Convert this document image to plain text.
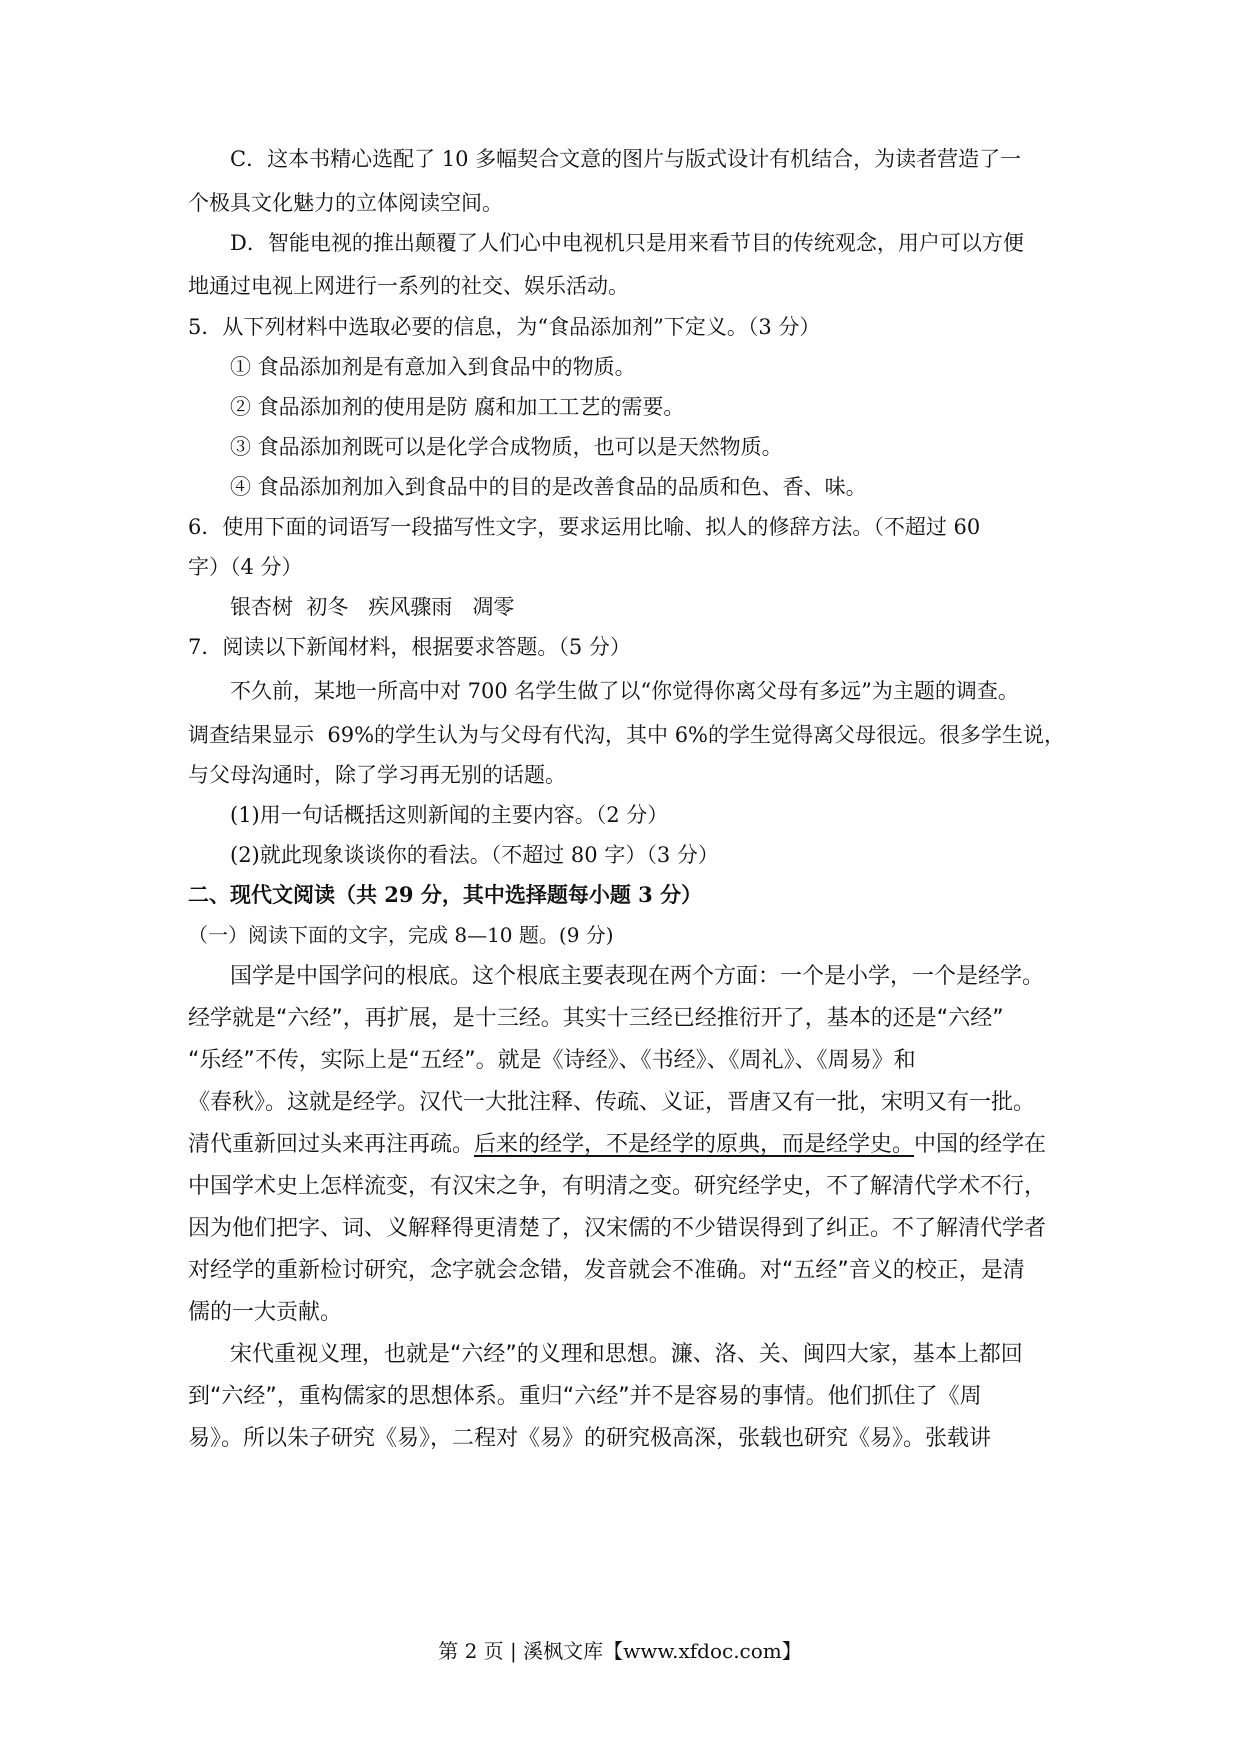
C．这本书精心选配了 10 多幅契合文意的图片与版式设计有机结合，为读者营造了一
个极具文化魅力的立体阅读空间。
D．智能电视的推出颠覆了人们心中电视机只是用来看节目的传统观念，用户可以方便
地通过电视上网进行一系列的社交、娱乐活动。
5．从下列材料中选取必要的信息，为“食品添加剂”下定义。（3 分）
① 食品添加剂是有意加入到食品中的物质。
② 食品添加剂的使用是防 腐和加工工艺的需要。
③ 食品添加剂既可以是化学合成物质，也可以是天然物质。
④ 食品添加剂加入到食品中的目的是改善食品的品质和色、香、味。
6．使用下面的词语写一段描写性文字，要求运用比喻、拟人的修辞方法。（不超过 60
字）（4 分）
银杏树  初冬   疾风骤雨   凋零
7．阅读以下新闻材料，根据要求答题。（5 分）
不久前，某地一所高中对 700 名学生做了以“你觉得你离父母有多远”为主题的调查。
调查结果显示  69%的学生认为与父母有代沟，其中 6%的学生觉得离父母很远。很多学生说，
与父母沟通时，除了学习再无别的话题。
(1)用一句话概括这则新闻的主要内容。（2 分）
(2)就此现象谈谈你的看法。（不超过 80 字）（3 分）
二、现代文阅读（共 29 分，其中选择题每小题 3 分）
（一）阅读下面的文字，完成 8—10 题。(9 分)
国学是中国学问的根底。这个根底主要表现在两个方面：一个是小学，一个是经学。
经学就是“六经”，再扩展，是十三经。其实十三经已经推衍开了，基本的还是“六经”
“乐经”不传，实际上是“五经”。就是《诗经》、《书经》、《周礼》、《周易》和
《春秋》。这就是经学。汉代一大批注释、传疏、义证，晋唐又有一批，宋明又有一批。
清代重新回过头来再注再疏。后来的经学，不是经学的原典，而是经学史。中国的经学在
中国学术史上怎样流变，有汉宋之争，有明清之变。研究经学史，不了解清代学术不行，
因为他们把字、词、义解释得更清楚了，汉宋儒的不少错误得到了纠正。不了解清代学者
对经学的重新检讨研究，念字就会念错，发音就会不准确。对“五经”音义的校正，是清
儒的一大贡献。
宋代重视义理，也就是“六经”的义理和思想。濂、洛、关、闽四大家，基本上都回
到“六经”，重构儒家的思想体系。重归“六经”并不是容易的事情。他们抓住了《周
易》。所以朱子研究《易》，二程对《易》的研究极高深，张载也研究《易》。张载讲
第 2 页 | 溪枫文库【www.xfdoc.com】
